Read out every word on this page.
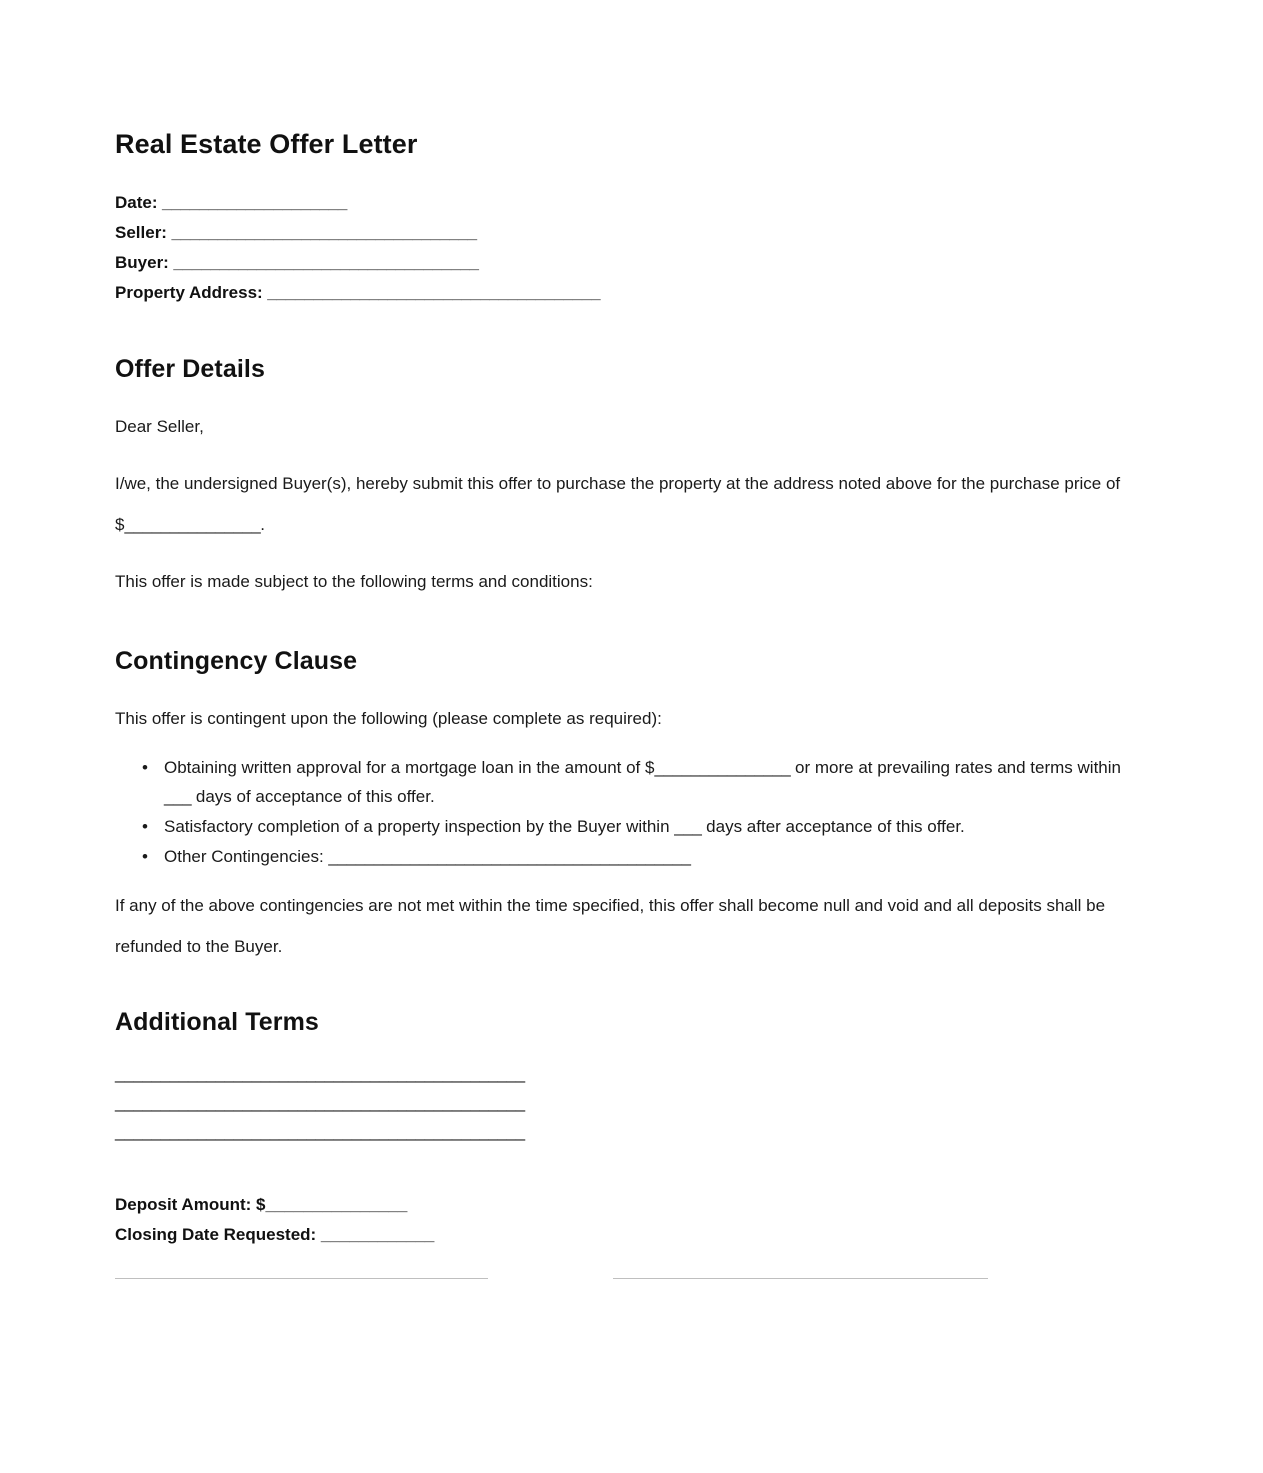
Real Estate Offer Letter
Date: ____________________
Seller: _________________________________
Buyer: _________________________________
Property Address: ____________________________________
Offer Details

Dear Seller,

I/we, the undersigned Buyer(s), hereby submit this offer to purchase the property at the address noted above for the purchase price of $_______________.

This offer is made subject to the following terms and conditions:

Contingency Clause

This offer is contingent upon the following (please complete as required):

• Obtaining written approval for a mortgage loan in the amount of $_______________ or more at prevailing rates and terms within ___ days of acceptance of this offer.
• Satisfactory completion of a property inspection by the Buyer within ___ days after acceptance of this offer.
• Other Contingencies: ________________________________________

If any of the above contingencies are not met within the time specified, this offer shall become null and void and all deposits shall be refunded to the Buyer.

Additional Terms
_____________________________________________
_____________________________________________
_____________________________________________
Deposit Amount: $_______________
Closing Date Requested: ____________
